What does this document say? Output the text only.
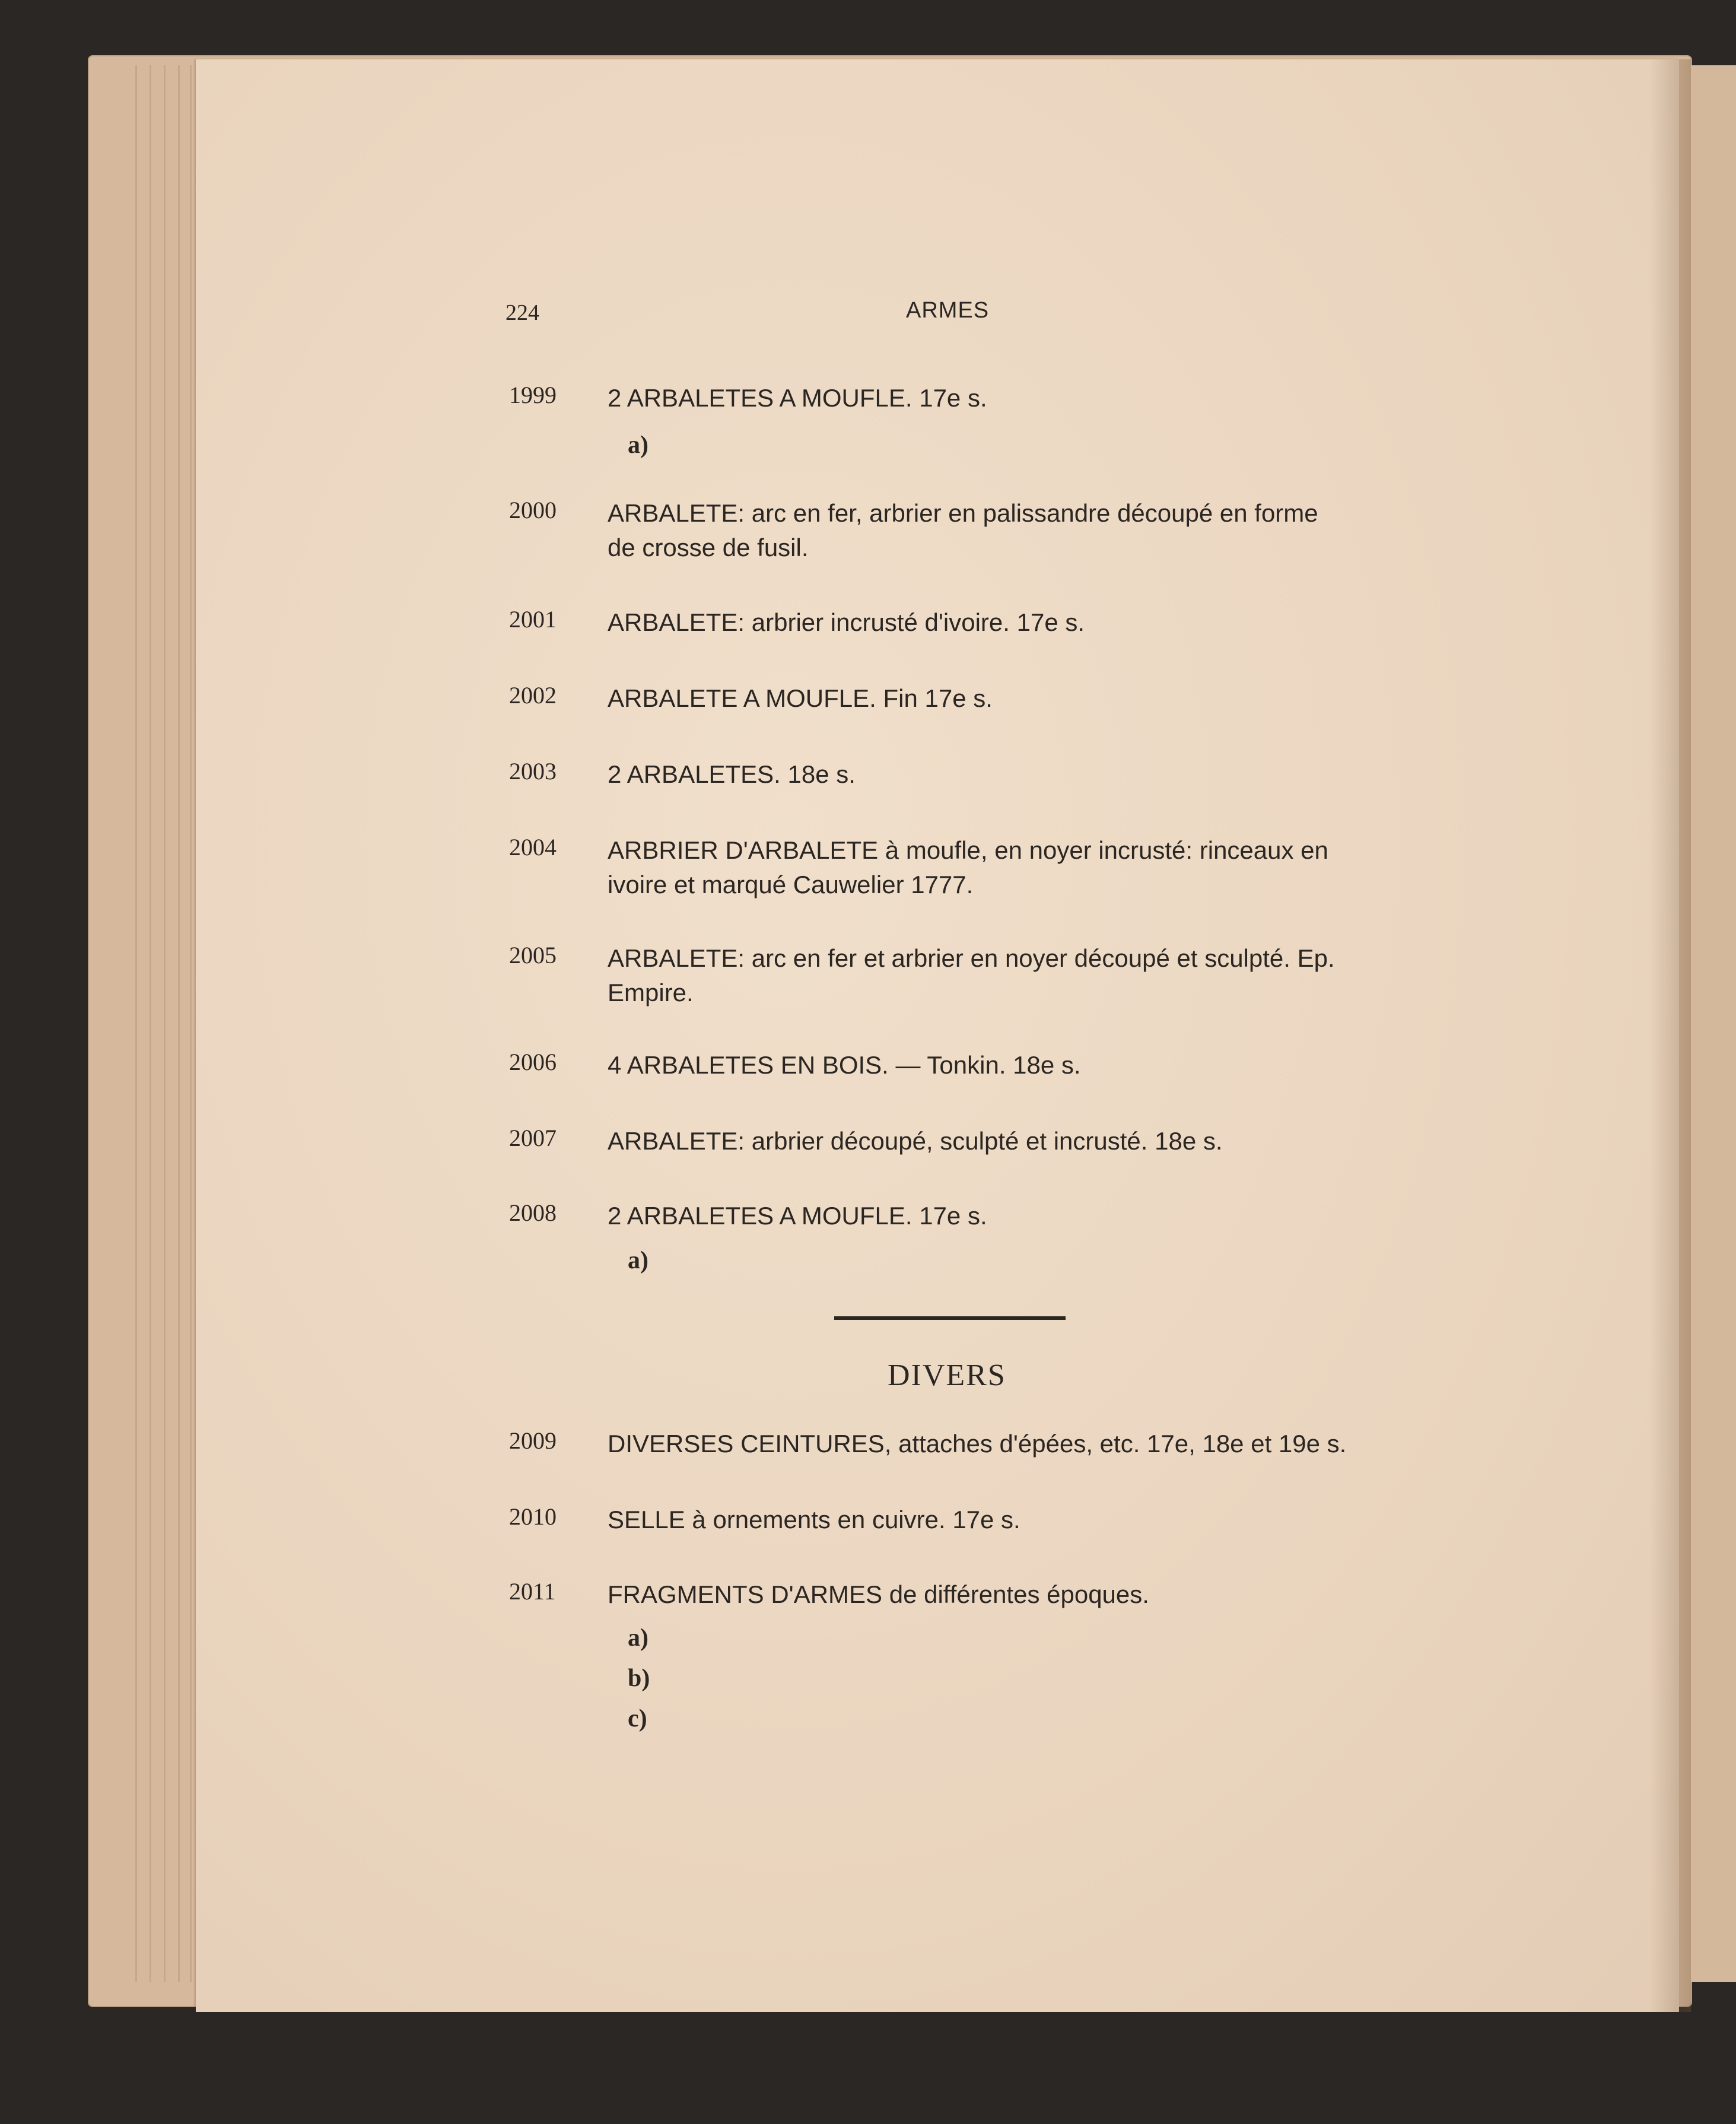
224	ARMES
1999 2 ARBALETES A MOUFLE. 17e s.
a)
2000 ARBALETE: arc en fer, arbrier en palissandre découpé en forme de crosse de fusil.
2001 ARBALETE: arbrier incrusté d'ivoire. 17e s.
2002 ARBALETE A MOUFLE. Fin 17e s.
2003 2 ARBALETES. 18e s.
2004 ARBRIER D'ARBALETE à moufle, en noyer incrusté: rinceaux en ivoire et marqué Cauwelier 1777.
2005 ARBALETE: arc en fer et arbrier en noyer découpé et sculpté. Ep. Empire.
2006 4 ARBALETES EN BOIS. — Tonkin. 18e s.
2007 ARBALETE: arbrier découpé, sculpté et incrusté. 18e s.
2008 2 ARBALETES A MOUFLE. 17e s.
a)
DIVERS
2009 DIVERSES CEINTURES, attaches d'épées, etc. 17e, 18e et 19e s.
2010 SELLE à ornements en cuivre. 17e s.
2011 FRAGMENTS D'ARMES de différentes époques.
a)
b)
c)
